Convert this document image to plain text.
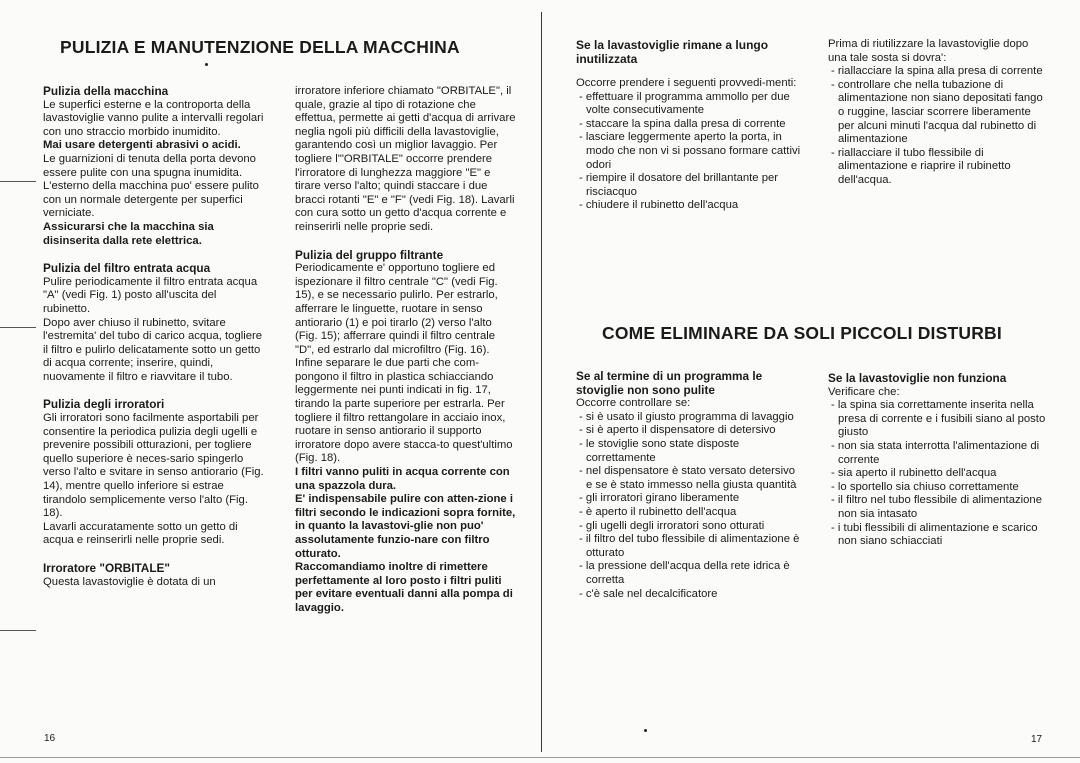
PULIZIA E MANUTENZIONE DELLA MACCHINA

Pulizia della macchina

Le superfici esterne e la controporta della lavastoviglie vanno pulite a intervalli regolari con uno straccio morbido inumidito.

Mai usare detergenti abrasivi o acidi.

Le guarnizioni di tenuta della porta devono essere pulite con una spugna inumidita.

L'esterno della macchina puo' essere pulito con un normale detergente per superfici verniciate.

Assicurarsi che la macchina sia disinserita dalla rete elettrica.

Pulizia del filtro entrata acqua

Pulire periodicamente il filtro entrata acqua "A" (vedi Fig. 1) posto all'uscita del rubinetto.

Dopo aver chiuso il rubinetto, svitare l'estremita' del tubo di carico acqua, togliere il filtro e pulirlo delicatamente sotto un getto di acqua corrente; inserire, quindi, nuovamente il filtro e riavvitare il tubo.

Pulizia degli irroratori

Gli irroratori sono facilmente asportabili per consentire la periodica pulizia degli ugelli e prevenire possibili otturazioni, per togliere quello superiore è neces-sario spingerlo verso l'alto e svitare in senso antiorario (Fig. 14), mentre quello inferiore si estrae tirandolo semplicemente verso l'alto (Fig. 18).

Lavarli accuratamente sotto un getto di acqua e reinserirli nelle proprie sedi.

Irroratore "ORBITALE"

Questa lavastoviglie è dotata di un

irroratore inferiore chiamato "ORBITALE", il quale, grazie al tipo di rotazione che effettua, permette ai getti d'acqua di arrivare neglia ngoli più difficili della lavastoviglie, garantendo così un miglior lavaggio. Per togliere l'"ORBITALE" occorre prendere l'irroratore di lunghezza maggiore "E" e tirare verso l'alto; quindi staccare i due bracci rotanti "E" e "F" (vedi Fig. 18). Lavarli con cura sotto un getto d'acqua corrente e reinserirli nelle proprie sedi.

Pulizia del gruppo filtrante

Periodicamente e' opportuno togliere ed ispezionare il filtro centrale "C" (vedi Fig. 15), e se necessario pulirlo. Per estrarlo, afferrare le linguette, ruotare in senso antiorario (1) e poi tirarlo (2) verso l'alto (Fig. 15); afferrare quindi il filtro centrale "D", ed estrarlo dal microfiltro (Fig. 16).

Infine separare le due parti che com-pongono il filtro in plastica schiacciando leggermente nei punti indicati in fig. 17, tirando la parte superiore per estrarla. Per togliere il filtro rettangolare in acciaio inox, ruotare in senso antiorario il supporto irroratore dopo avere stacca-to quest'ultimo (Fig. 18).

I filtri vanno puliti in acqua corrente con una spazzola dura.

E' indispensabile pulire con atten-zione i filtri secondo le indicazioni sopra fornite, in quanto la lavastovi-glie non puo' assolutamente funzio-nare con filtro otturato.

Raccomandiamo inoltre di rimettere perfettamente al loro posto i filtri puliti per evitare eventuali danni alla pompa di lavaggio.

16

Se la lavastoviglie rimane a lungo inutilizzata

Occorre prendere i seguenti provvedi-menti:

- effettuare il programma ammollo per due volte consecutivamente
- staccare la spina dalla presa di corrente
- lasciare leggermente aperto la porta, in modo che non vi si possano formare cattivi odori
- riempire il dosatore del brillantante per risciacquo
- chiudere il rubinetto dell'acqua

Prima di riutilizzare la lavastoviglie dopo una tale sosta si dovra':

- riallacciare la spina alla presa di corrente
- controllare che nella tubazione di alimentazione non siano depositati fango o ruggine, lasciar scorrere liberamente per alcuni minuti l'acqua dal rubinetto di alimentazione
- riallacciare il tubo flessibile di alimentazione e riaprire il rubinetto dell'acqua.
COME ELIMINARE DA SOLI PICCOLI DISTURBI

Se al termine di un programma le stoviglie non sono pulite

Occorre controllare se:

- si è usato il giusto programma di lavaggio
- si è aperto il dispensatore di detersivo
- le stoviglie sono state disposte correttamente
- nel dispensatore è stato versato detersivo e se è stato immesso nella giusta quantità
- gli irroratori girano liberamente
- è aperto il rubinetto dell'acqua
- gli ugelli degli irroratori sono otturati
- il filtro del tubo flessibile di alimentazione è otturato
- la pressione dell'acqua della rete idrica è corretta
- c'è sale nel decalcificatore

Se la lavastoviglie non funziona

Verificare che:

- la spina sia correttamente inserita nella presa di corrente e i fusibili siano al posto giusto
- non sia stata interrotta l'alimentazione di corrente
- sia aperto il rubinetto dell'acqua
- lo sportello sia chiuso correttamente
- il filtro nel tubo flessibile di alimentazione non sia intasato
- i tubi flessibili di alimentazione e scarico non siano schiacciati
17
